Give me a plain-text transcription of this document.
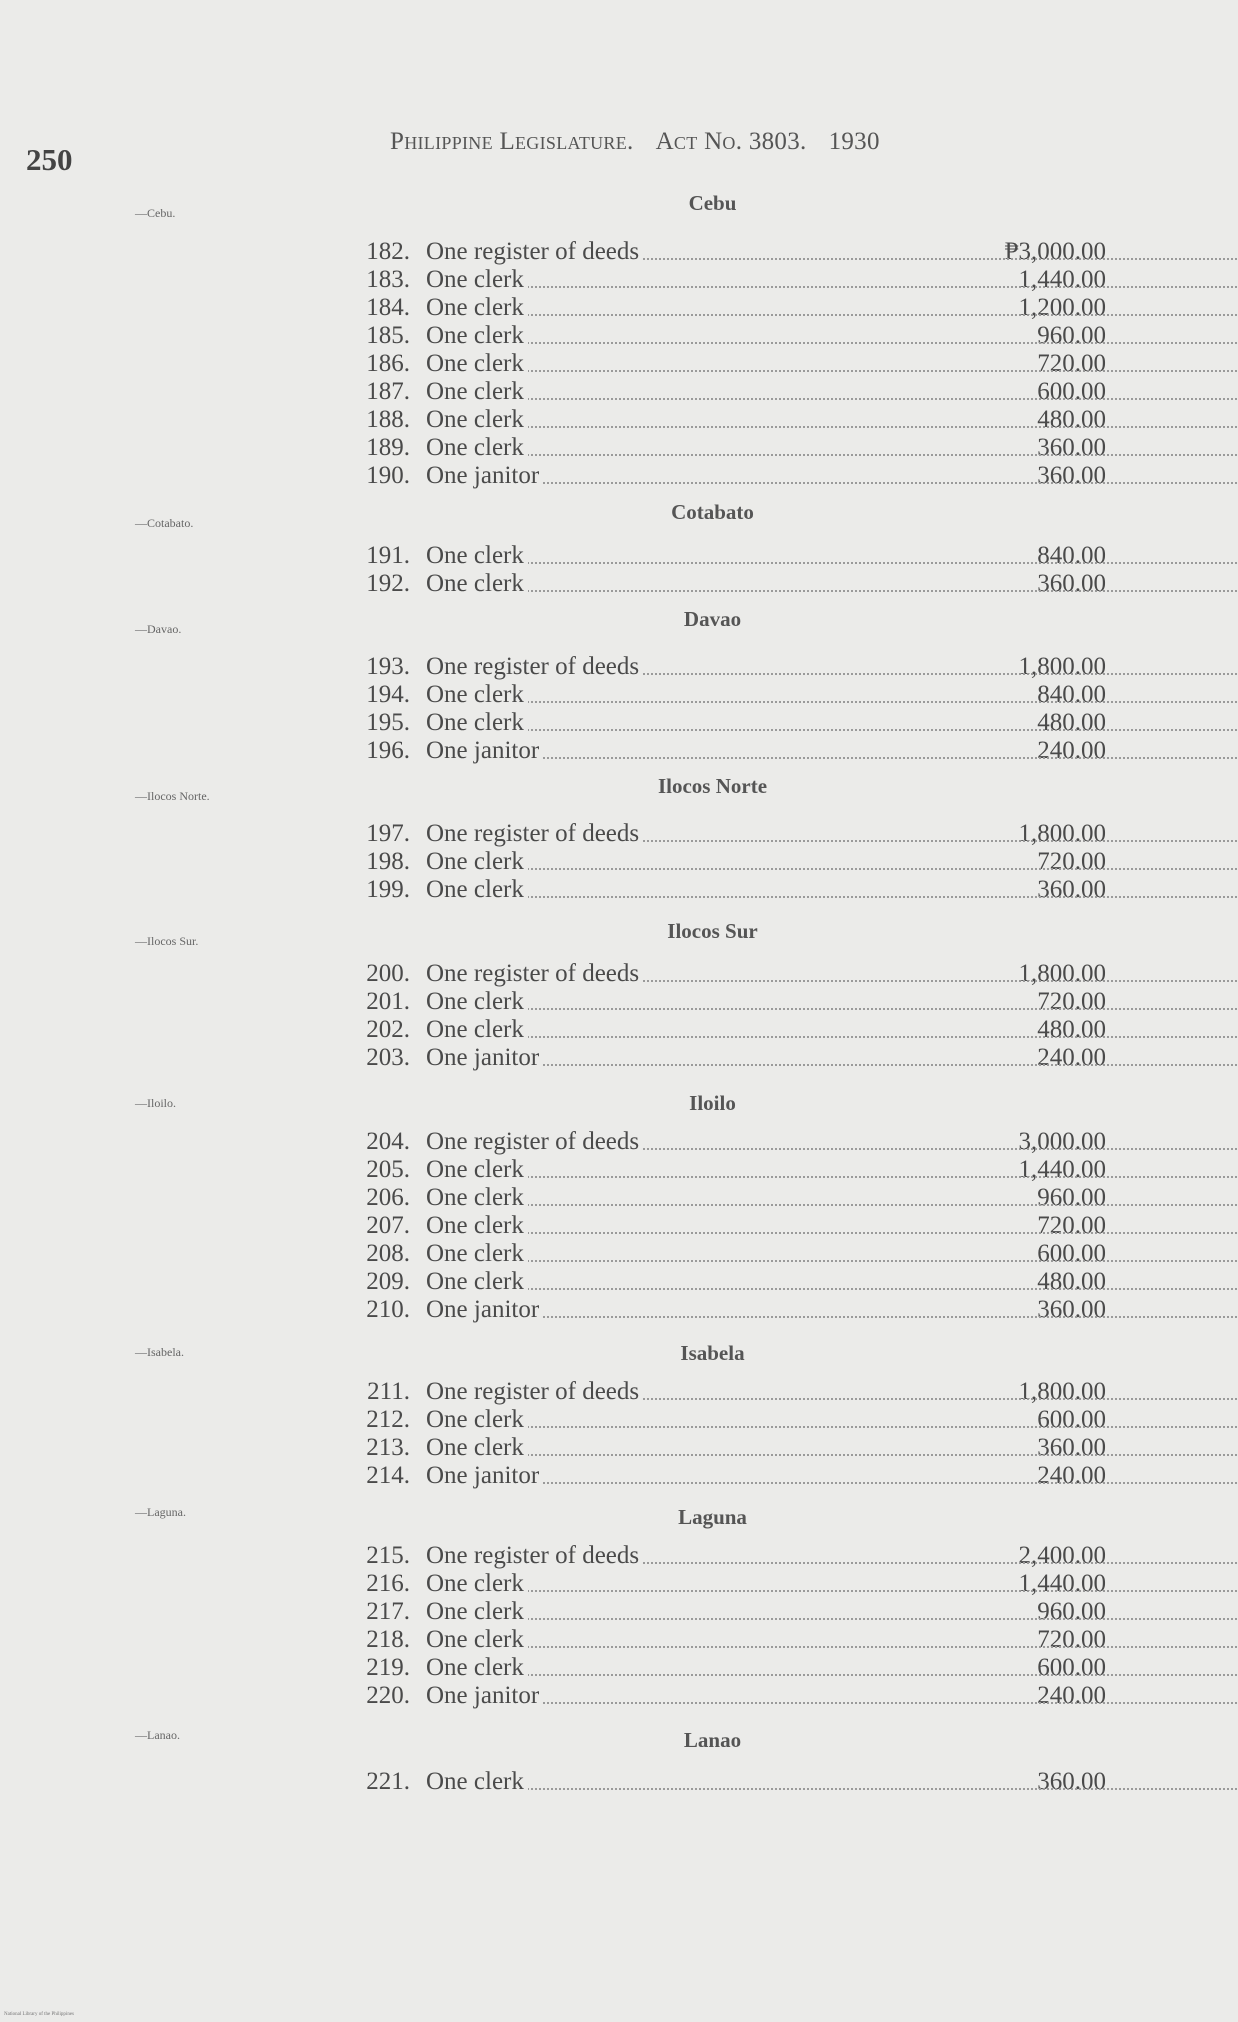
250
Philippine Legislature. Act No. 3803. 1930
—Cebu.	Cebu
182. One register of deeds	₱3,000.00
183. One clerk	1,440.00
184. One clerk	1,200.00
185. One clerk	960.00
186. One clerk	720.00
187. One clerk	600.00
188. One clerk	480.00
189. One clerk	360.00
190. One janitor	360.00
—Cotabato.	Cotabato
191. One clerk	840.00
192. One clerk	360.00
—Davao.	Davao
193. One register of deeds	1,800.00
194. One clerk	840.00
195. One clerk	480.00
196. One janitor	240.00
—Ilocos Norte.	Ilocos Norte
197. One register of deeds	1,800.00
198. One clerk	720.00
199. One clerk	360.00
—Ilocos Sur.	Ilocos Sur
200. One register of deeds	1,800.00
201. One clerk	720.00
202. One clerk	480.00
203. One janitor	240.00
—Iloilo.	Iloilo
204. One register of deeds	3,000.00
205. One clerk	1,440.00
206. One clerk	960.00
207. One clerk	720.00
208. One clerk	600.00
209. One clerk	480.00
210. One janitor	360.00
—Isabela.	Isabela
211. One register of deeds	1,800.00
212. One clerk	600.00
213. One clerk	360.00
214. One janitor	240.00
—Laguna.	Laguna
215. One register of deeds	2,400.00
216. One clerk	1,440.00
217. One clerk	960.00
218. One clerk	720.00
219. One clerk	600.00
220. One janitor	240.00
—Lanao.	Lanao
221. One clerk	360.00
National Library of the Philippines
